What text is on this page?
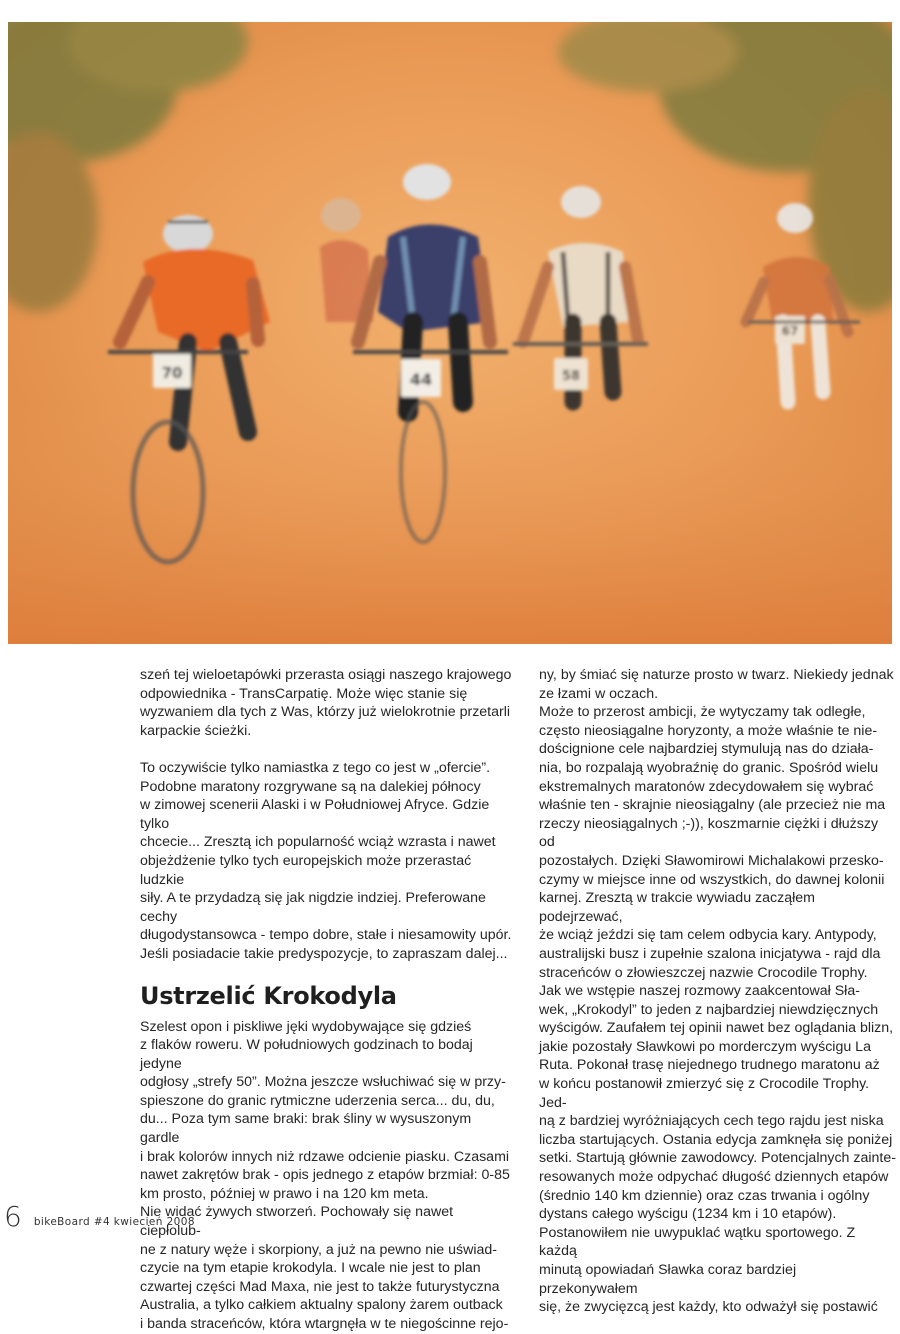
70	44	58
67

szeń tej wieloetapówki przerasta osiągi naszego krajowego
odpowiednika - TransCarpatię. Może więc stanie się
wyzwaniem dla tych z Was, którzy już wielokrotnie przetarli
karpackie ścieżki.

To oczywiście tylko namiastka z tego co jest w „ofercie”.
Podobne maratony rozgrywane są na dalekiej północy
w zimowej scenerii Alaski i w Południowej Afryce. Gdzie tylko
chcecie... Zresztą ich popularność wciąż wzrasta i nawet
objeżdżenie tylko tych europejskich może przerastać ludzkie
siły. A te przydadzą się jak nigdzie indziej. Preferowane cechy
długodystansowca - tempo dobre, stałe i niesamowity upór.
Jeśli posiadacie takie predyspozycje, to zapraszam dalej...

Ustrzelić Krokodyla

Szelest opon i piskliwe jęki wydobywające się gdzieś
z flaków roweru. W południowych godzinach to bodaj jedyne
odgłosy „strefy 50”. Można jeszcze wsłuchiwać się w przy-
spieszone do granic rytmiczne uderzenia serca... du, du,
du... Poza tym same braki: brak śliny w wysuszonym gardle
i brak kolorów innych niż rdzawe odcienie piasku. Czasami
nawet zakrętów brak - opis jednego z etapów brzmiał: 0-85
km prosto, później w prawo i na 120 km meta.

Nie widać żywych stworzeń. Pochowały się nawet ciepłolub-
ne z natury węże i skorpiony, a już na pewno nie uświad-
czycie na tym etapie krokodyla. I wcale nie jest to plan
czwartej części Mad Maxa, nie jest to także futurystyczna
Australia, a tylko całkiem aktualny spalony żarem outback
i banda straceńców, która wtargnęła w te niegościnne rejo-

ny, by śmiać się naturze prosto w twarz. Niekiedy jednak
ze łzami w oczach.

Może to przerost ambicji, że wytyczamy tak odległe,
często nieosiągalne horyzonty, a może właśnie te nie-
doścignione cele najbardziej stymulują nas do działa-
nia, bo rozpalają wyobraźnię do granic. Spośród wielu
ekstremalnych maratonów zdecydowałem się wybrać
właśnie ten - skrajnie nieosiągalny (ale przecież nie ma
rzeczy nieosiągalnych ;-)), koszmarnie ciężki i dłuższy od
pozostałych. Dzięki Sławomirowi Michalakowi przesko-
czymy w miejsce inne od wszystkich, do dawnej kolonii
karnej. Zresztą w trakcie wywiadu zacząłem podejrzewać,
że wciąż jeździ się tam celem odbycia kary. Antypody,
australijski busz i zupełnie szalona inicjatywa - rajd dla
straceńców o złowieszczej nazwie Crocodile Trophy.

Jak we wstępie naszej rozmowy zaakcentował Sła-
wek, „Krokodyl” to jeden z najbardziej niewdzięcznych
wyścigów. Zaufałem tej opinii nawet bez oglądania blizn,
jakie pozostały Sławkowi po morderczym wyścigu La
Ruta. Pokonał trasę niejednego trudnego maratonu aż
w końcu postanowił zmierzyć się z Crocodile Trophy. Jed-
ną z bardziej wyróżniających cech tego rajdu jest niska
liczba startujących. Ostania edycja zamknęła się poniżej
setki. Startują głównie zawodowcy. Potencjalnych zainte-
resowanych może odpychać długość dziennych etapów
(średnio 140 km dziennie) oraz czas trwania i ogólny
dystans całego wyścigu (1234 km i 10 etapów).

Postanowiłem nie uwypuklać wątku sportowego. Z każdą
minutą opowiadań Sławka coraz bardziej przekonywałem
się, że zwycięzcą jest każdy, kto odważył się postawić

6 bikeBoard #4 kwiecień 2008
